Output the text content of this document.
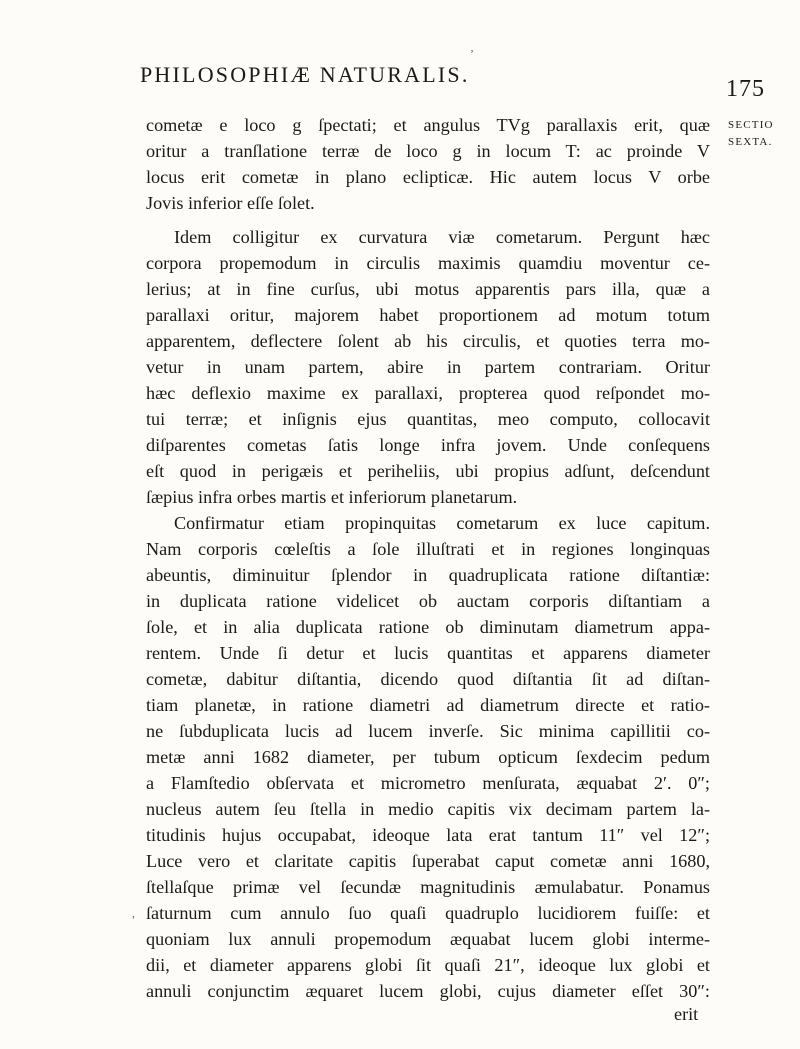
PHILOSOPHIÆ NATURALIS.
175
SECTIO
SEXTA.
cometæ e loco g ſpectati; et angulus TVg parallaxis erit, quæ
oritur a tranſlatione terræ de loco g in locum T: ac proinde V
locus erit cometæ in plano eclipticæ. Hic autem locus V orbe
Jovis inferior eſſe ſolet.
Idem colligitur ex curvatura viæ cometarum. Pergunt hæc
corpora propemodum in circulis maximis quamdiu moventur ce-
lerius; at in fine curſus, ubi motus apparentis pars illa, quæ a
parallaxi oritur, majorem habet proportionem ad motum totum
apparentem, deflectere ſolent ab his circulis, et quoties terra mo-
vetur in unam partem, abire in partem contrariam. Oritur
hæc deflexio maxime ex parallaxi, propterea quod reſpondet mo-
tui terræ; et inſignis ejus quantitas, meo computo, collocavit
diſparentes cometas ſatis longe infra jovem. Unde conſequens
eſt quod in perigæis et periheliis, ubi propius adſunt, deſcendunt
ſæpius infra orbes martis et inferiorum planetarum.
Confirmatur etiam propinquitas cometarum ex luce capitum.
Nam corporis cœleſtis a ſole illuſtrati et in regiones longinquas
abeuntis, diminuitur ſplendor in quadruplicata ratione diſtantiæ:
in duplicata ratione videlicet ob auctam corporis diſtantiam a
ſole, et in alia duplicata ratione ob diminutam diametrum appa-
rentem. Unde ſi detur et lucis quantitas et apparens diameter
cometæ, dabitur diſtantia, dicendo quod diſtantia ſit ad diſtan-
tiam planetæ, in ratione diametri ad diametrum directe et ratio-
ne ſubduplicata lucis ad lucem inverſe. Sic minima capillitii co-
metæ anni 1682 diameter, per tubum opticum ſexdecim pedum
a Flamſtedio obſervata et micrometro menſurata, æquabat 2′. 0″;
nucleus autem ſeu ſtella in medio capitis vix decimam partem la-
titudinis hujus occupabat, ideoque lata erat tantum 11″ vel 12″;
Luce vero et claritate capitis ſuperabat caput cometæ anni 1680,
ſtellaſque primæ vel ſecundæ magnitudinis æmulabatur. Ponamus
ſaturnum cum annulo ſuo quaſi quadruplo lucidiorem fuiſſe: et
quoniam lux annuli propemodum æquabat lucem globi interme-
dii, et diameter apparens globi ſit quaſi 21″, ideoque lux globi et
annuli conjunctim æquaret lucem globi, cujus diameter eſſet 30″:
erit
‚
,
